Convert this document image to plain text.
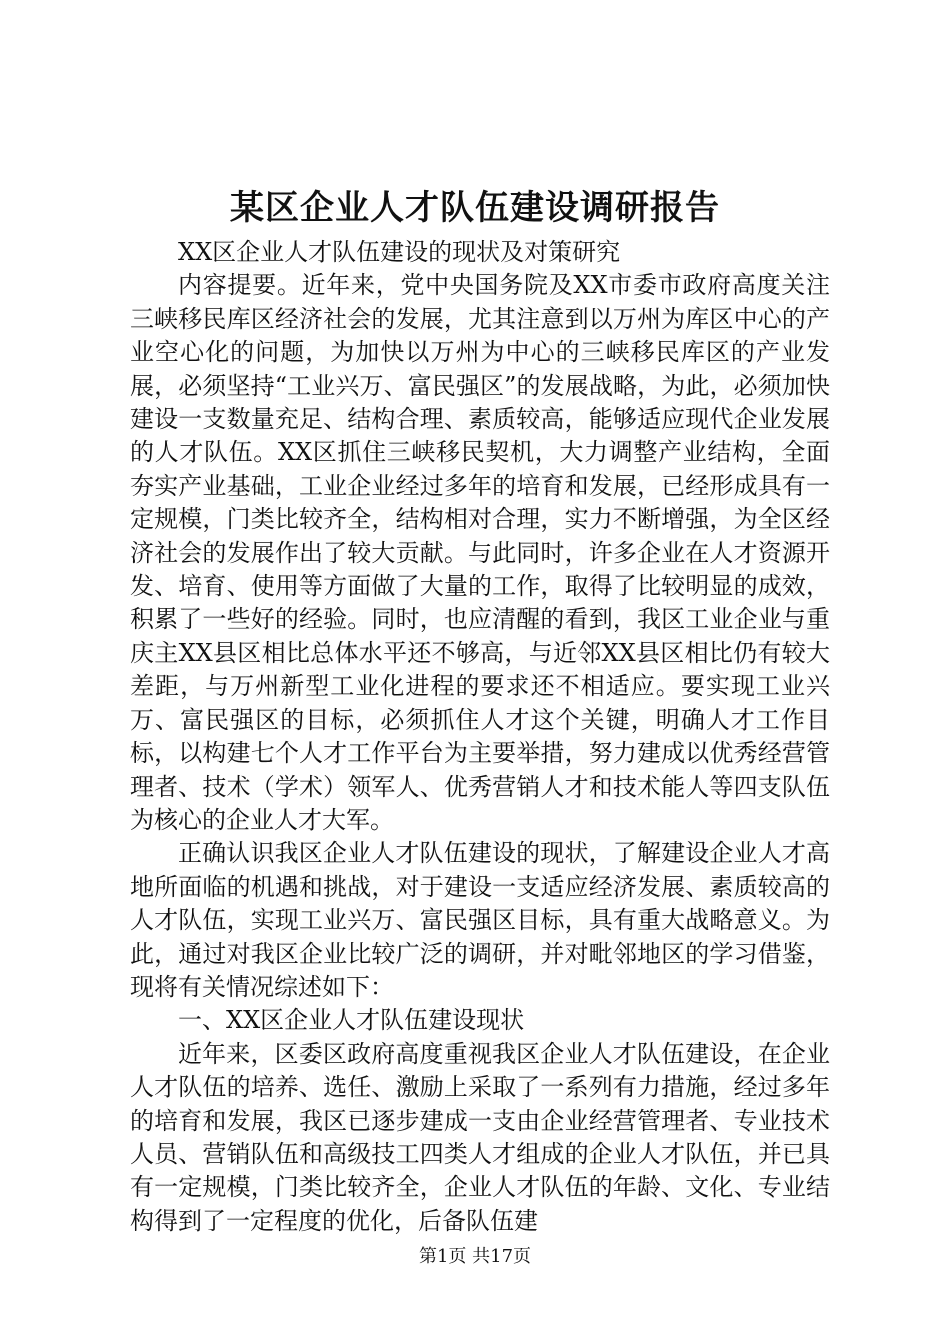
某区企业人才队伍建设调研报告

XX区企业人才队伍建设的现状及对策研究

内容提要。近年来，党中央国务院及XX市委市政府高度关注三峡移民库区经济社会的发展，尤其注意到以万州为库区中心的产业空心化的问题，为加快以万州为中心的三峡移民库区的产业发展，必须坚持“工业兴万、富民强区”的发展战略，为此，必须加快建设一支数量充足、结构合理、素质较高，能够适应现代企业发展的人才队伍。XX区抓住三峡移民契机，大力调整产业结构，全面夯实产业基础，工业企业经过多年的培育和发展，已经形成具有一定规模，门类比较齐全，结构相对合理，实力不断增强，为全区经济社会的发展作出了较大贡献。与此同时，许多企业在人才资源开发、培育、使用等方面做了大量的工作，取得了比较明显的成效，积累了一些好的经验。同时，也应清醒的看到，我区工业企业与重庆主XX县区相比总体水平还不够高，与近邻XX县区相比仍有较大差距，与万州新型工业化进程的要求还不相适应。要实现工业兴万、富民强区的目标，必须抓住人才这个关键，明确人才工作目标，以构建七个人才工作平台为主要举措，努力建成以优秀经营管理者、技术（学术）领军人、优秀营销人才和技术能人等四支队伍为核心的企业人才大军。

正确认识我区企业人才队伍建设的现状，了解建设企业人才高地所面临的机遇和挑战，对于建设一支适应经济发展、素质较高的人才队伍，实现工业兴万、富民强区目标，具有重大战略意义。为此，通过对我区企业比较广泛的调研，并对毗邻地区的学习借鉴，现将有关情况综述如下：

一、XX区企业人才队伍建设现状

近年来，区委区政府高度重视我区企业人才队伍建设，在企业人才队伍的培养、选任、激励上采取了一系列有力措施，经过多年的培育和发展，我区已逐步建成一支由企业经营管理者、专业技术人员、营销队伍和高级技工四类人才组成的企业人才队伍，并已具有一定规模，门类比较齐全，企业人才队伍的年龄、文化、专业结构得到了一定程度的优化，后备队伍建

第1页 共17页
